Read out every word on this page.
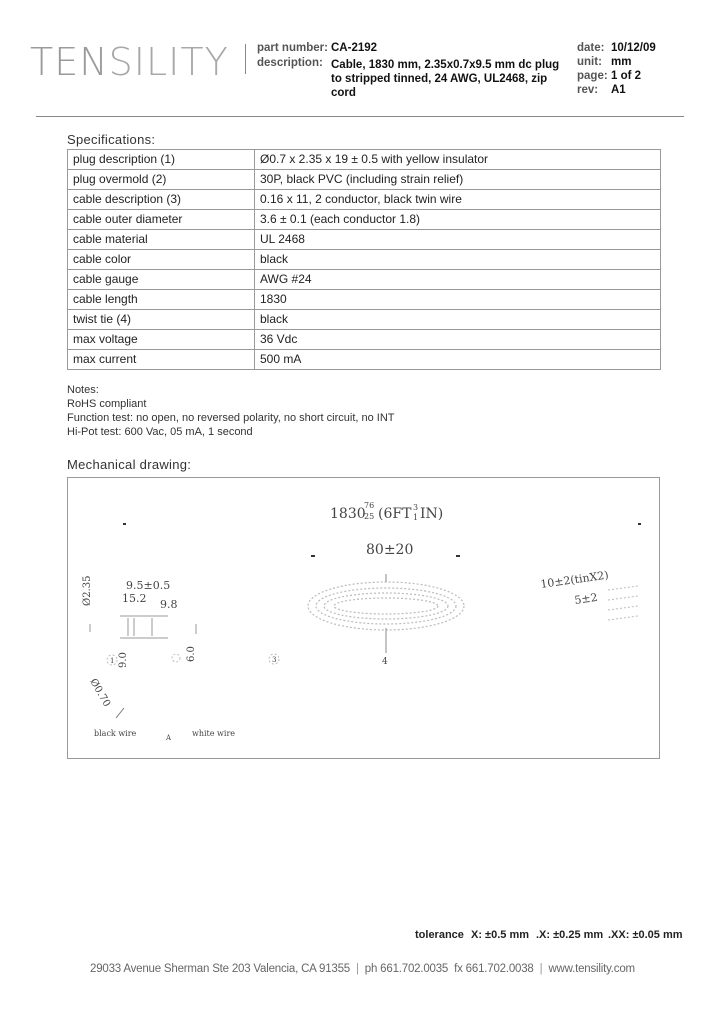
TENSILITY part number: CA-2192
description: Cable, 1830 mm, 2.35x0.7x9.5 mm dc plug
to stripped tinned, 24 AWG, UL2468, zip
cord
date: 10/12/09
unit: mm
page: 1 of 2
rev: A1
Specifications:
plug description (1)	Ø0.7 x 2.35 x 19 ± 0.5 with yellow insulator
plug overmold (2)	30P, black PVC (including strain relief)
cable description (3)	0.16 x 11, 2 conductor, black twin wire
cable outer diameter	3.6 ± 0.1 (each conductor 1.8)
cable material	UL 2468
cable color	black
cable gauge	AWG #24
cable length	1830
twist tie (4)	black
max voltage	36 Vdc
max current	500 mA
Notes:
RoHS compliant
Function test: no open, no reversed polarity, no short circuit, no INT
Hi-Pot test: 600 Vac, 05 mA, 1 second
Mechanical drawing:
1830
76
25 (6FT 3
1 IN)
80±20
4
10±2(tinX2)
5±2
9.5±0.5
15.2 9.8
Ø2.35
9.0	6.0
1	3
Ø0.70
black wire	A	white wire
tolerance X: ±0.5 mm .X: ±0.25 mm .XX: ±0.05 mm
29033 Avenue Sherman Ste 203 Valencia, CA 91355 | ph 661.702.0035 fx 661.702.0038 | www.tensility.com
